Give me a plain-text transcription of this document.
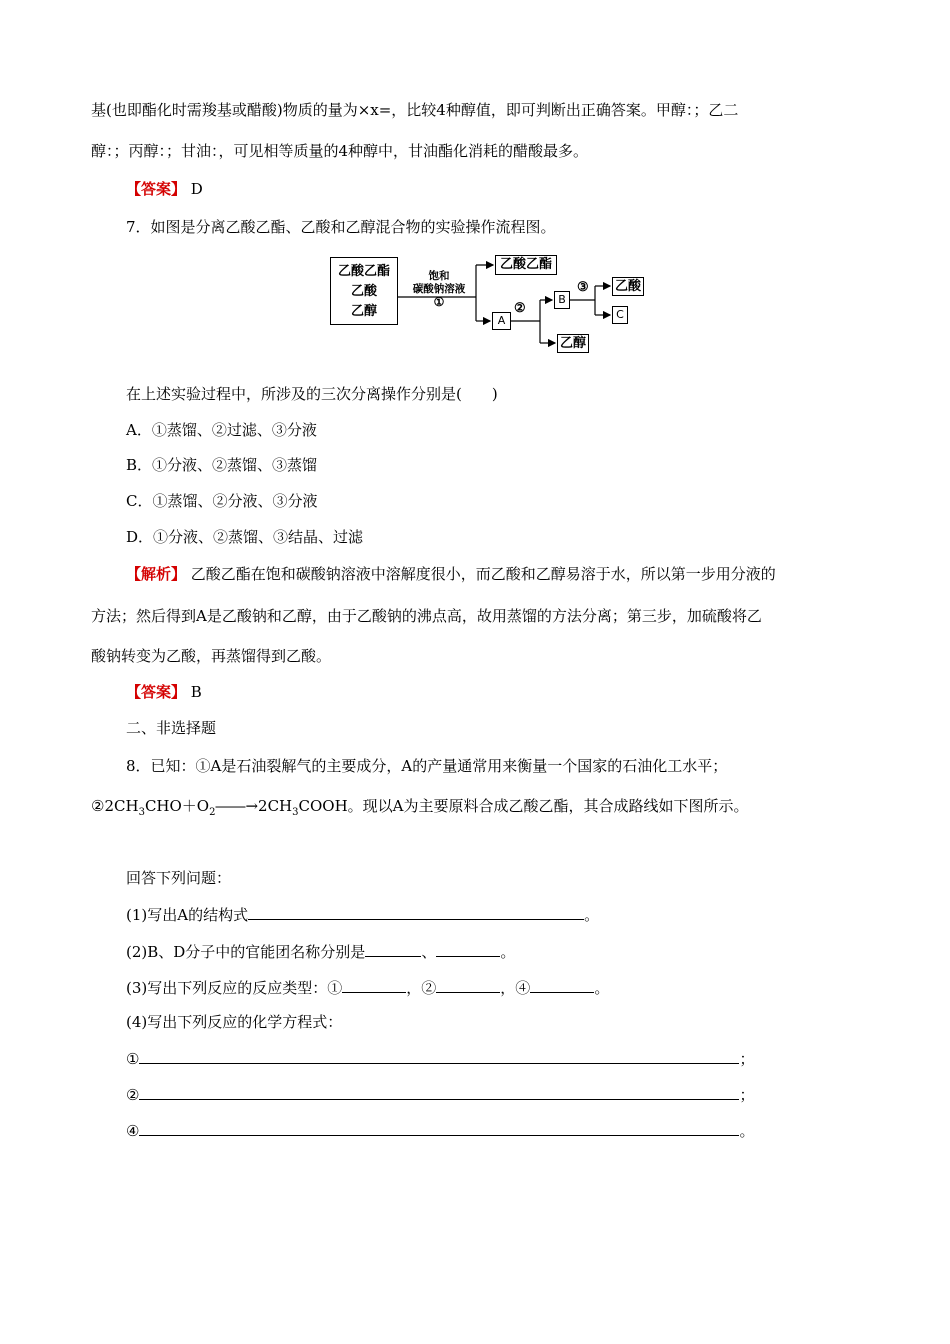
基(也即酯化时需羧基或醋酸)物质的量为×x=，比较4种醇值，即可判断出正确答案。甲醇：；乙二
醇：；丙醇：；甘油：，可见相等质量的4种醇中，甘油酯化消耗的醋酸最多。
【答案】 D
7．如图是分离乙酸乙酯、乙酸和乙醇混合物的实验操作流程图。
乙酸乙酯
乙酸
乙醇
饱和
碳酸钠溶液
①
乙酸乙酯
A
②
B
③
乙醇
乙酸
C
在上述实验过程中，所涉及的三次分离操作分别是(　　)
A．①蒸馏、②过滤、③分液
B．①分液、②蒸馏、③蒸馏
C．①蒸馏、②分液、③分液
D．①分液、②蒸馏、③结晶、过滤
【解析】 乙酸乙酯在饱和碳酸钠溶液中溶解度很小，而乙酸和乙醇易溶于水，所以第一步用分液的
方法；然后得到A是乙酸钠和乙醇，由于乙酸钠的沸点高，故用蒸馏的方法分离；第三步，加硫酸将乙
酸钠转变为乙酸，再蒸馏得到乙酸。
【答案】 B
二、非选择题
8．已知：①A是石油裂解气的主要成分，A的产量通常用来衡量一个国家的石油化工水平；
$②2CH_3CHO+O_2――\to 2CH_3COOH$。现以A为主要原料合成乙酸乙酯，其合成路线如下图所示。
回答下列问题：
(1)写出A的结构式	。
(2)B、D分子中的官能团名称分别是	、	。
(3)写出下列反应的反应类型：①	，②	，④	。
(4)写出下列反应的化学方程式：
①	；
②	；
④	。
